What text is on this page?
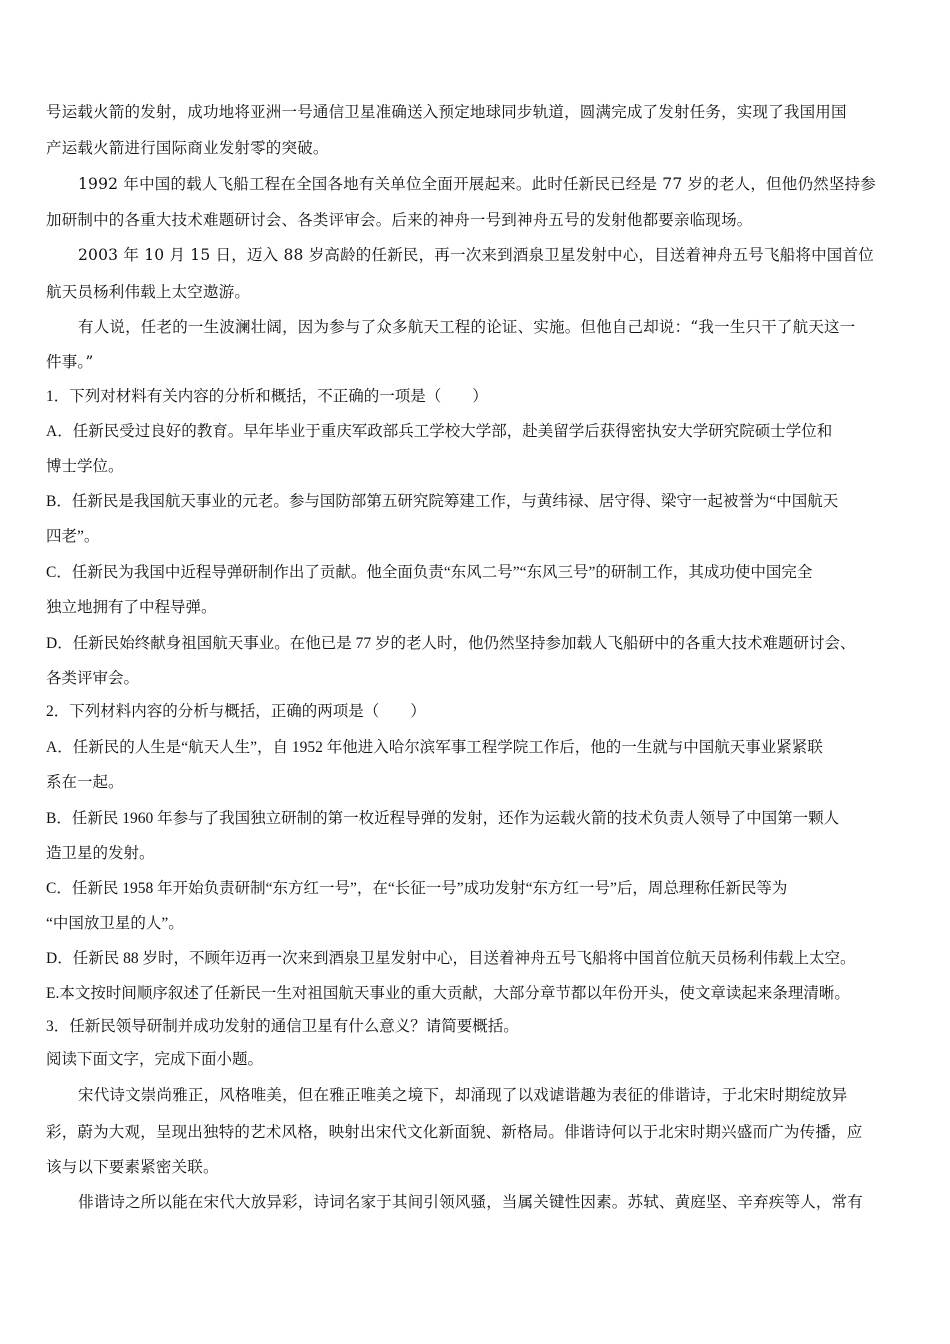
号运载火箭的发射，成功地将亚洲一号通信卫星准确送入预定地球同步轨道，圆满完成了发射任务，实现了我国用国
产运载火箭进行国际商业发射零的突破。
1992 年中国的载人飞船工程在全国各地有关单位全面开展起来。此时任新民已经是 77 岁的老人，但他仍然坚持参
加研制中的各重大技术难题研讨会、各类评审会。后来的神舟一号到神舟五号的发射他都要亲临现场。
2003 年 10 月 15 日，迈入 88 岁高龄的任新民，再一次来到酒泉卫星发射中心，目送着神舟五号飞船将中国首位
航天员杨利伟载上太空遨游。
有人说，任老的一生波澜壮阔，因为参与了众多航天工程的论证、实施。但他自己却说：“我一生只干了航天这一
件事。”
1．下列对材料有关内容的分析和概括，不正确的一项是（　　）
A．任新民受过良好的教育。早年毕业于重庆军政部兵工学校大学部，赴美留学后获得密执安大学研究院硕士学位和
博士学位。
B．任新民是我国航天事业的元老。参与国防部第五研究院筹建工作，与黄纬禄、居守得、梁守一起被誉为“中国航天
四老”。
C．任新民为我国中近程导弹研制作出了贡献。他全面负责“东风二号”“东风三号”的研制工作，其成功使中国完全
独立地拥有了中程导弹。
D．任新民始终献身祖国航天事业。在他已是 77 岁的老人时，他仍然坚持参加载人飞船研中的各重大技术难题研讨会、
各类评审会。
2．下列材料内容的分析与概括，正确的两项是（　　）
A．任新民的人生是“航天人生”，自 1952 年他进入哈尔滨军事工程学院工作后，他的一生就与中国航天事业紧紧联
系在一起。
B．任新民 1960 年参与了我国独立研制的第一枚近程导弹的发射，还作为运载火箭的技术负责人领导了中国第一颗人
造卫星的发射。
C．任新民 1958 年开始负责研制“东方红一号”，在“长征一号”成功发射“东方红一号”后，周总理称任新民等为
“中国放卫星的人”。
D．任新民 88 岁时，不顾年迈再一次来到酒泉卫星发射中心，目送着神舟五号飞船将中国首位航天员杨利伟载上太空。
E.本文按时间顺序叙述了任新民一生对祖国航天事业的重大贡献，大部分章节都以年份开头，使文章读起来条理清晰。
3．任新民领导研制并成功发射的通信卫星有什么意义？请简要概括。
阅读下面文字，完成下面小题。
宋代诗文崇尚雅正，风格唯美，但在雅正唯美之境下，却涌现了以戏谑谐趣为表征的俳谐诗，于北宋时期绽放异
彩，蔚为大观，呈现出独特的艺术风格，映射出宋代文化新面貌、新格局。俳谐诗何以于北宋时期兴盛而广为传播，应
该与以下要素紧密关联。
俳谐诗之所以能在宋代大放异彩，诗词名家于其间引领风骚，当属关键性因素。苏轼、黄庭坚、辛弃疾等人，常有
